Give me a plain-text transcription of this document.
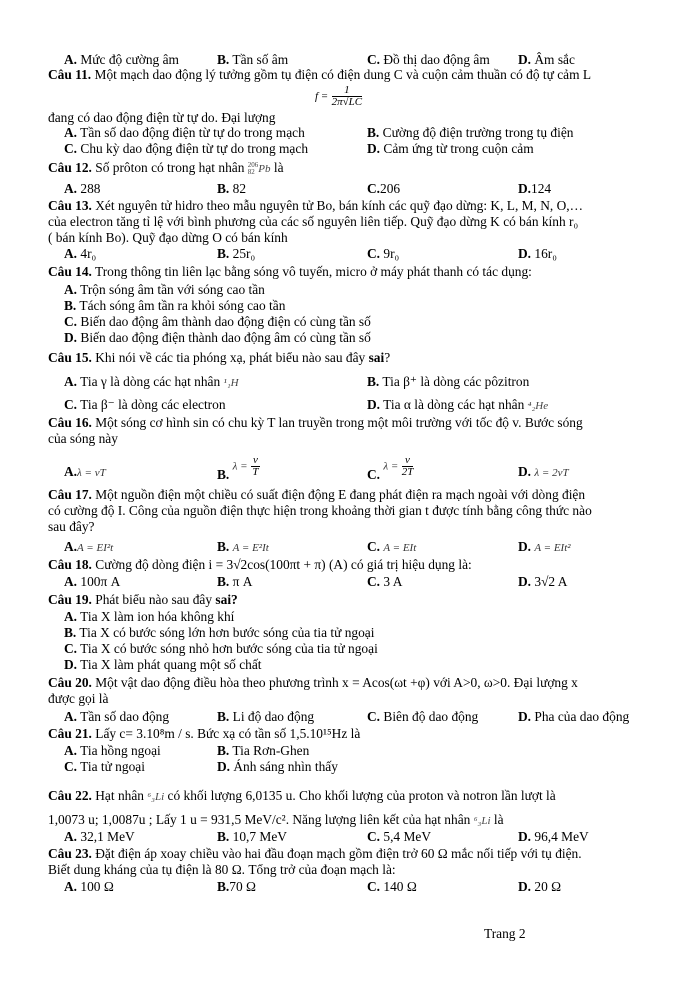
A. Mức độ cường âm	B. Tần số âm	C. Đồ thị dao động âm D. Âm sắc
Câu 11. Một mạch dao động lý tưởng gồm tụ điện có điện dung C và cuộn cảm thuần có độ tự cảm L
$f = \frac{1}{2\pi√LC}$
đang có dao động điện từ tự do. Đại lượng
A. Tần số dao động điện từ tự do trong mạch	B. Cường độ điện trường trong tụ điện
C. Chu kỳ dao động điện từ tự do trong mạch	D. Cảm ứng từ trong cuộn cảm
Câu 12. Số prôton có trong hạt nhân 206
82 Pb là
A. 288	B. 82	C.206	D.124
Câu 13. Xét nguyên tử hidro theo mẫu nguyên tử Bo, bán kính các quỹ đạo dừng: K, L, M, N, O,…
của electron tăng tỉ lệ với bình phương của các số nguyên liên tiếp. Quỹ đạo dừng K có bán kính r₀
( bán kính Bo). Quỹ đạo dừng O có bán kính
A. 4r₀	B. 25r₀	C. 9r₀	D. 16r₀
Câu 14. Trong thông tin liên lạc bằng sóng vô tuyến, micro ở máy phát thanh có tác dụng:
A. Trộn sóng âm tần với sóng cao tần
B. Tách sóng âm tần ra khỏi sóng cao tần
C. Biến dao động âm thành dao động điện có cùng tần số
D. Biến dao động điện thành dao động âm có cùng tần số
Câu 15. Khi nói về các tia phóng xạ, phát biểu nào sau đây sai?
A. Tia γ là dòng các hạt nhân ¹₁H	B. Tia β⁺ là dòng các pôzitron
C. Tia β⁻ là dòng các electron	D. Tia α là dòng các hạt nhân ⁴₂He
Câu 16. Một sóng cơ hình sin có chu kỳ T lan truyền trong một môi trường với tốc độ v. Bước sóng
của sóng này
A.λ = vT	B. $\lambda = \frac{v}{T}$	C. $\lambda = \frac{v}{2T}$	D. λ = 2vT
Câu 17. Một nguồn điện một chiều có suất điện động E đang phát điện ra mạch ngoài với dòng điện
có cường độ I. Công của nguồn điện thực hiện trong khoảng thời gian t được tính bằng công thức nào
sau đây?
A.A = EI²t	B. A = E²It	C. A = EIt	D. A = EIt²
Câu 18. Cường độ dòng điện i = 3√2cos(100πt + π) (A) có giá trị hiệu dụng là:
A. 100π A	B. π A	C. 3 A	D. 3√2 A
Câu 19. Phát biểu nào sau đây sai?
A. Tia X làm ion hóa không khí
B. Tia X có bước sóng lớn hơn bước sóng của tia tử ngoại
C. Tia X có bước sóng nhỏ hơn bước sóng của tia tử ngoại
D. Tia X làm phát quang một số chất
Câu 20. Một vật dao động điều hòa theo phương trình x = Acos(ωt +φ) với A>0, ω>0. Đại lượng x
được gọi là
A. Tần số dao động	B. Li độ dao động	C. Biên độ dao động	D. Pha của dao động
Câu 21. Lấy c= 3.10⁸m / s. Bức xạ có tần số 1,5.10¹⁵Hz là
A. Tia hồng ngoại	B. Tia Rơn-Ghen
C. Tia tử ngoại	D. Ánh sáng nhìn thấy
Câu 22. Hạt nhân ⁶₃Li có khối lượng 6,0135 u. Cho khối lượng của proton và notron lần lượt là
1,0073 u; 1,0087u ; Lấy 1 u = 931,5 MeV/c². Năng lượng liên kết của hạt nhân ⁶₃Li là
A. 32,1 MeV	B. 10,7 MeV	C. 5,4 MeV	D. 96,4 MeV
Câu 23. Đặt điện áp xoay chiều vào hai đầu đoạn mạch gồm điện trở 60 Ω mắc nối tiếp với tụ điện.
Biết dung kháng của tụ điện là 80 Ω. Tổng trở của đoạn mạch là:
A. 100 Ω	B.70 Ω	C. 140 Ω	D. 20 Ω
Trang 2
